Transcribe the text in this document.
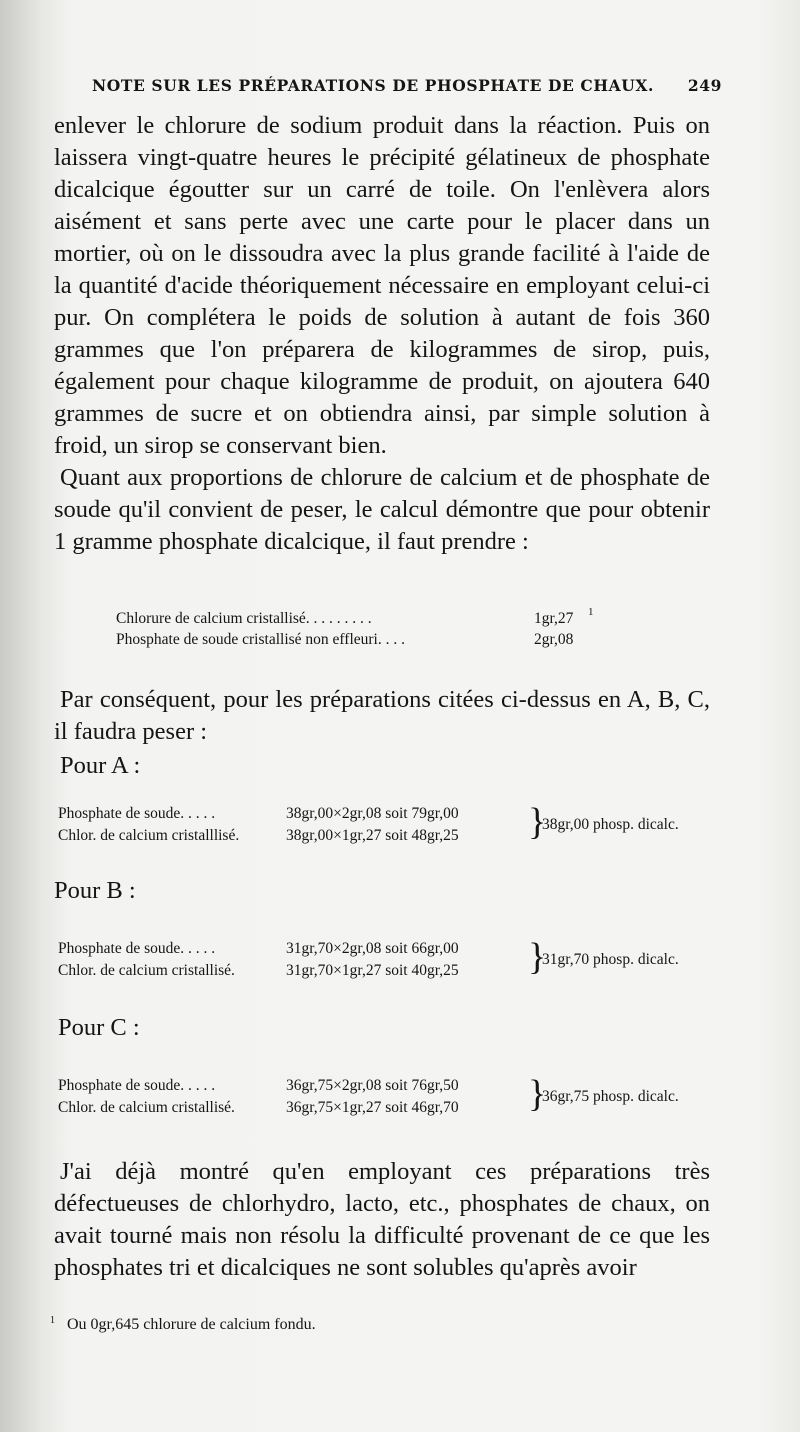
NOTE SUR LES PRÉPARATIONS DE PHOSPHATE DE CHAUX. 249

enlever le chlorure de sodium produit dans la réaction. Puis on laissera vingt-quatre heures le précipité gélatineux de phosphate dicalcique égoutter sur un carré de toile. On l'enlèvera alors aisément et sans perte avec une carte pour le placer dans un mortier, où on le dissoudra avec la plus grande facilité à l'aide de la quantité d'acide théoriquement nécessaire en employant celui-ci pur. On complétera le poids de solution à autant de fois 360 grammes que l'on préparera de kilogrammes de sirop, puis, également pour chaque kilogramme de produit, on ajoutera 640 grammes de sucre et on obtiendra ainsi, par simple solution à froid, un sirop se conservant bien.

Quant aux proportions de chlorure de calcium et de phosphate de soude qu'il convient de peser, le calcul démontre que pour obtenir 1 gramme phosphate dicalcique, il faut prendre :

Chlorure de calcium cristallisé. . . . . . . . .	1gr,27 1
Phosphate de soude cristallisé non effleuri. . . .	2gr,08

Par conséquent, pour les préparations citées ci-dessus en A, B, C, il faudra peser :

Pour A :
Phosphate de soude. . . . .	38gr,00×2gr,08 soit 79gr,00
Chlor. de calcium cristalllisé.	38gr,00×1gr,27 soit 48gr,25 }
38gr,00 phosp. dicalc.
Pour B :
Phosphate de soude. . . . .	31gr,70×2gr,08 soit 66gr,00
Chlor. de calcium cristallisé.	31gr,70×1gr,27 soit 40gr,25 }
31gr,70 phosp. dicalc.
Pour C :
Phosphate de soude. . . . .	36gr,75×2gr,08 soit 76gr,50
Chlor. de calcium cristallisé.	36gr,75×1gr,27 soit 46gr,70 }
36gr,75 phosp. dicalc.

J'ai déjà montré qu'en employant ces préparations très défectueuses de chlorhydro, lacto, etc., phosphates de chaux, on avait tourné mais non résolu la difficulté provenant de ce que les phosphates tri et dicalciques ne sont solubles qu'après avoir

$^1$ Ou 0gr,645 chlorure de calcium fondu.
